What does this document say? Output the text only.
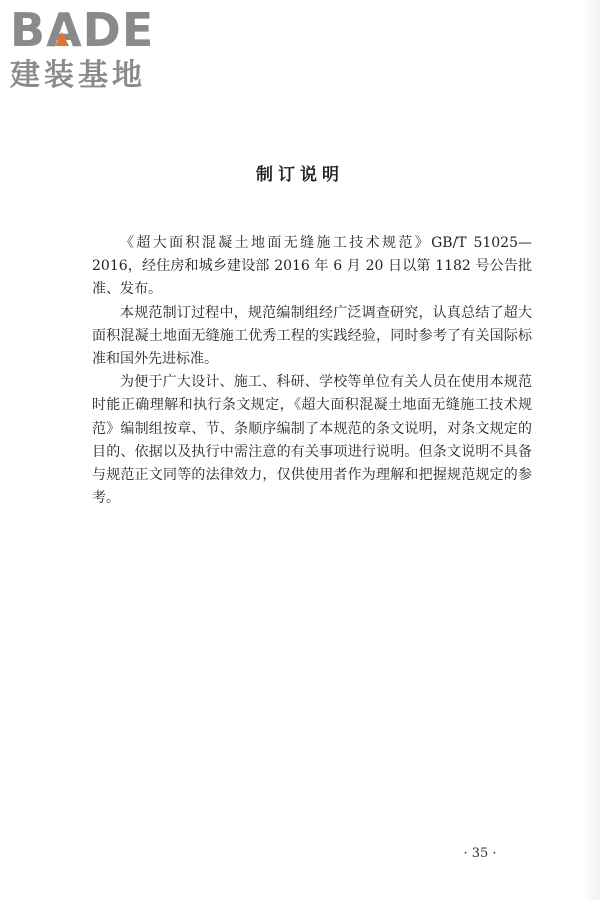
B A D E
建装基地
制订说明

《超大面积混凝土地面无缝施工技术规范》GB/T 51025—2016，经住房和城乡建设部 2016 年 6 月 20 日以第 1182 号公告批准、发布。

本规范制订过程中，规范编制组经广泛调查研究，认真总结了超大面积混凝土地面无缝施工优秀工程的实践经验，同时参考了有关国际标准和国外先进标准。

为便于广大设计、施工、科研、学校等单位有关人员在使用本规范时能正确理解和执行条文规定，《超大面积混凝土地面无缝施工技术规范》编制组按章、节、条顺序编制了本规范的条文说明，对条文规定的目的、依据以及执行中需注意的有关事项进行说明。但条文说明不具备与规范正文同等的法律效力，仅供使用者作为理解和把握规范规定的参考。

· 35 ·
